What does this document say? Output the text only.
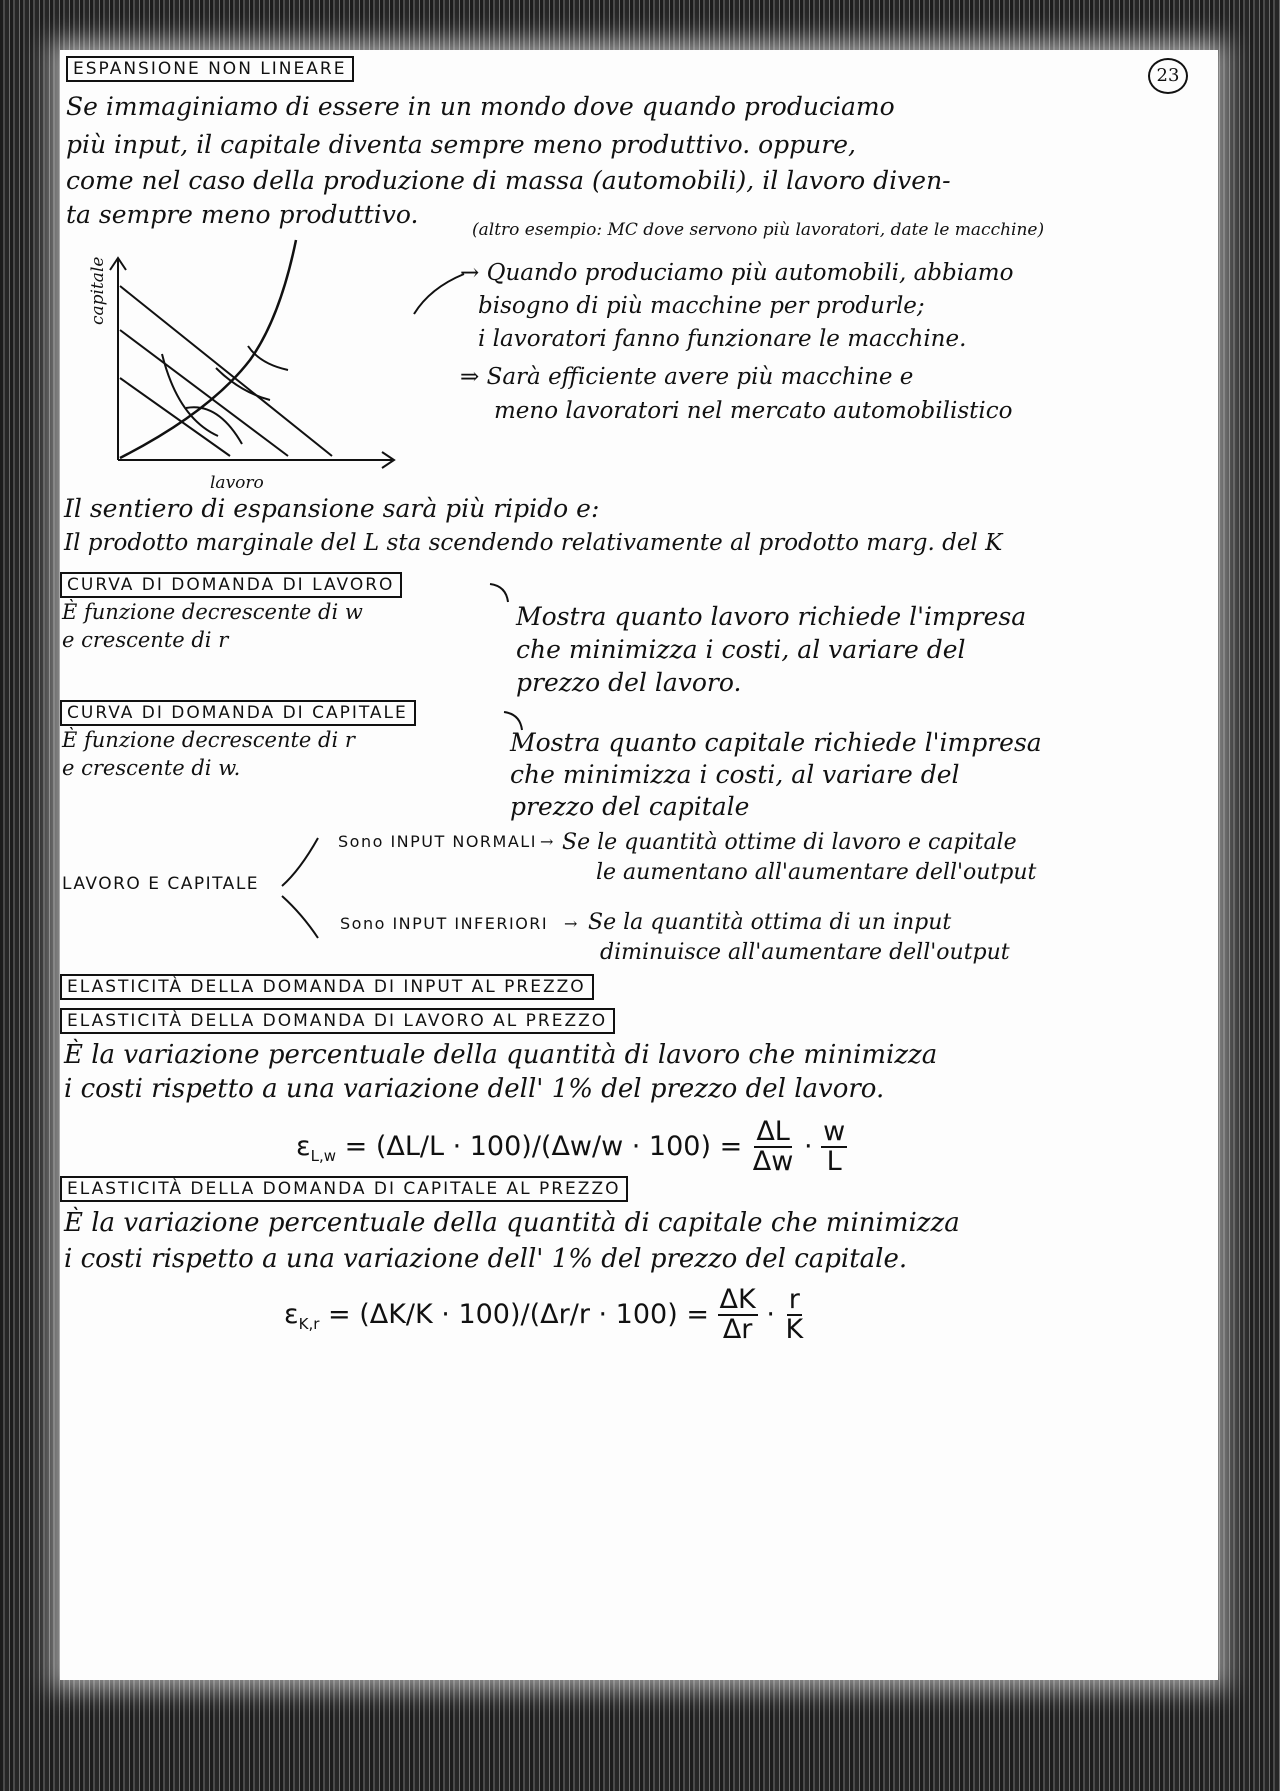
ESPANSIONE NON LINEARE	23
Se immaginiamo di essere in un mondo dove quando produciamo
più input, il capitale diventa sempre meno produttivo. oppure,
come nel caso della produzione di massa (automobili), il lavoro diven-
ta sempre meno produttivo.
(altro esempio: MC dove servono più lavoratori, date le macchine)
capitale
lavoro
→ Quando produciamo più automobili, abbiamo
bisogno di più macchine per produrle;
i lavoratori fanno funzionare le macchine.
⇒ Sarà efficiente avere più macchine e
meno lavoratori nel mercato automobilistico
Il sentiero di espansione sarà più ripido e:
Il prodotto marginale del L sta scendendo relativamente al prodotto marg. del K
CURVA DI DOMANDA DI LAVORO
È funzione decrescente di w
e crescente di r
Mostra quanto lavoro richiede l'impresa
che minimizza i costi, al variare del
prezzo del lavoro.
CURVA DI DOMANDA DI CAPITALE
È funzione decrescente di r
e crescente di w.
Mostra quanto capitale richiede l'impresa
che minimizza i costi, al variare del
prezzo del capitale
LAVORO E CAPITALE
Sono INPUT NORMALI → Se le quantità ottime di lavoro e capitale
le aumentano all'aumentare dell'output
Sono INPUT INFERIORI → Se la quantità ottima di un input
diminuisce all'aumentare dell'output
ELASTICITÀ DELLA DOMANDA DI INPUT AL PREZZO
ELASTICITÀ DELLA DOMANDA DI LAVORO AL PREZZO
È la variazione percentuale della quantità di lavoro che minimizza
i costi rispetto a una variazione dell' 1% del prezzo del lavoro.
$\varepsilon_{L,w} = (\Delta L/L \cdot 100)/(\Delta w/w \cdot 100) = \frac{\Delta L}{\Delta w} \cdot \frac{w}{L}$
ELASTICITÀ DELLA DOMANDA DI CAPITALE AL PREZZO
È la variazione percentuale della quantità di capitale che minimizza
i costi rispetto a una variazione dell' 1% del prezzo del capitale.
$\varepsilon_{K,r} = (\Delta K/K \cdot 100)/(\Delta r/r \cdot 100) = \frac{\Delta K}{\Delta r} \cdot \frac{r}{K}$
